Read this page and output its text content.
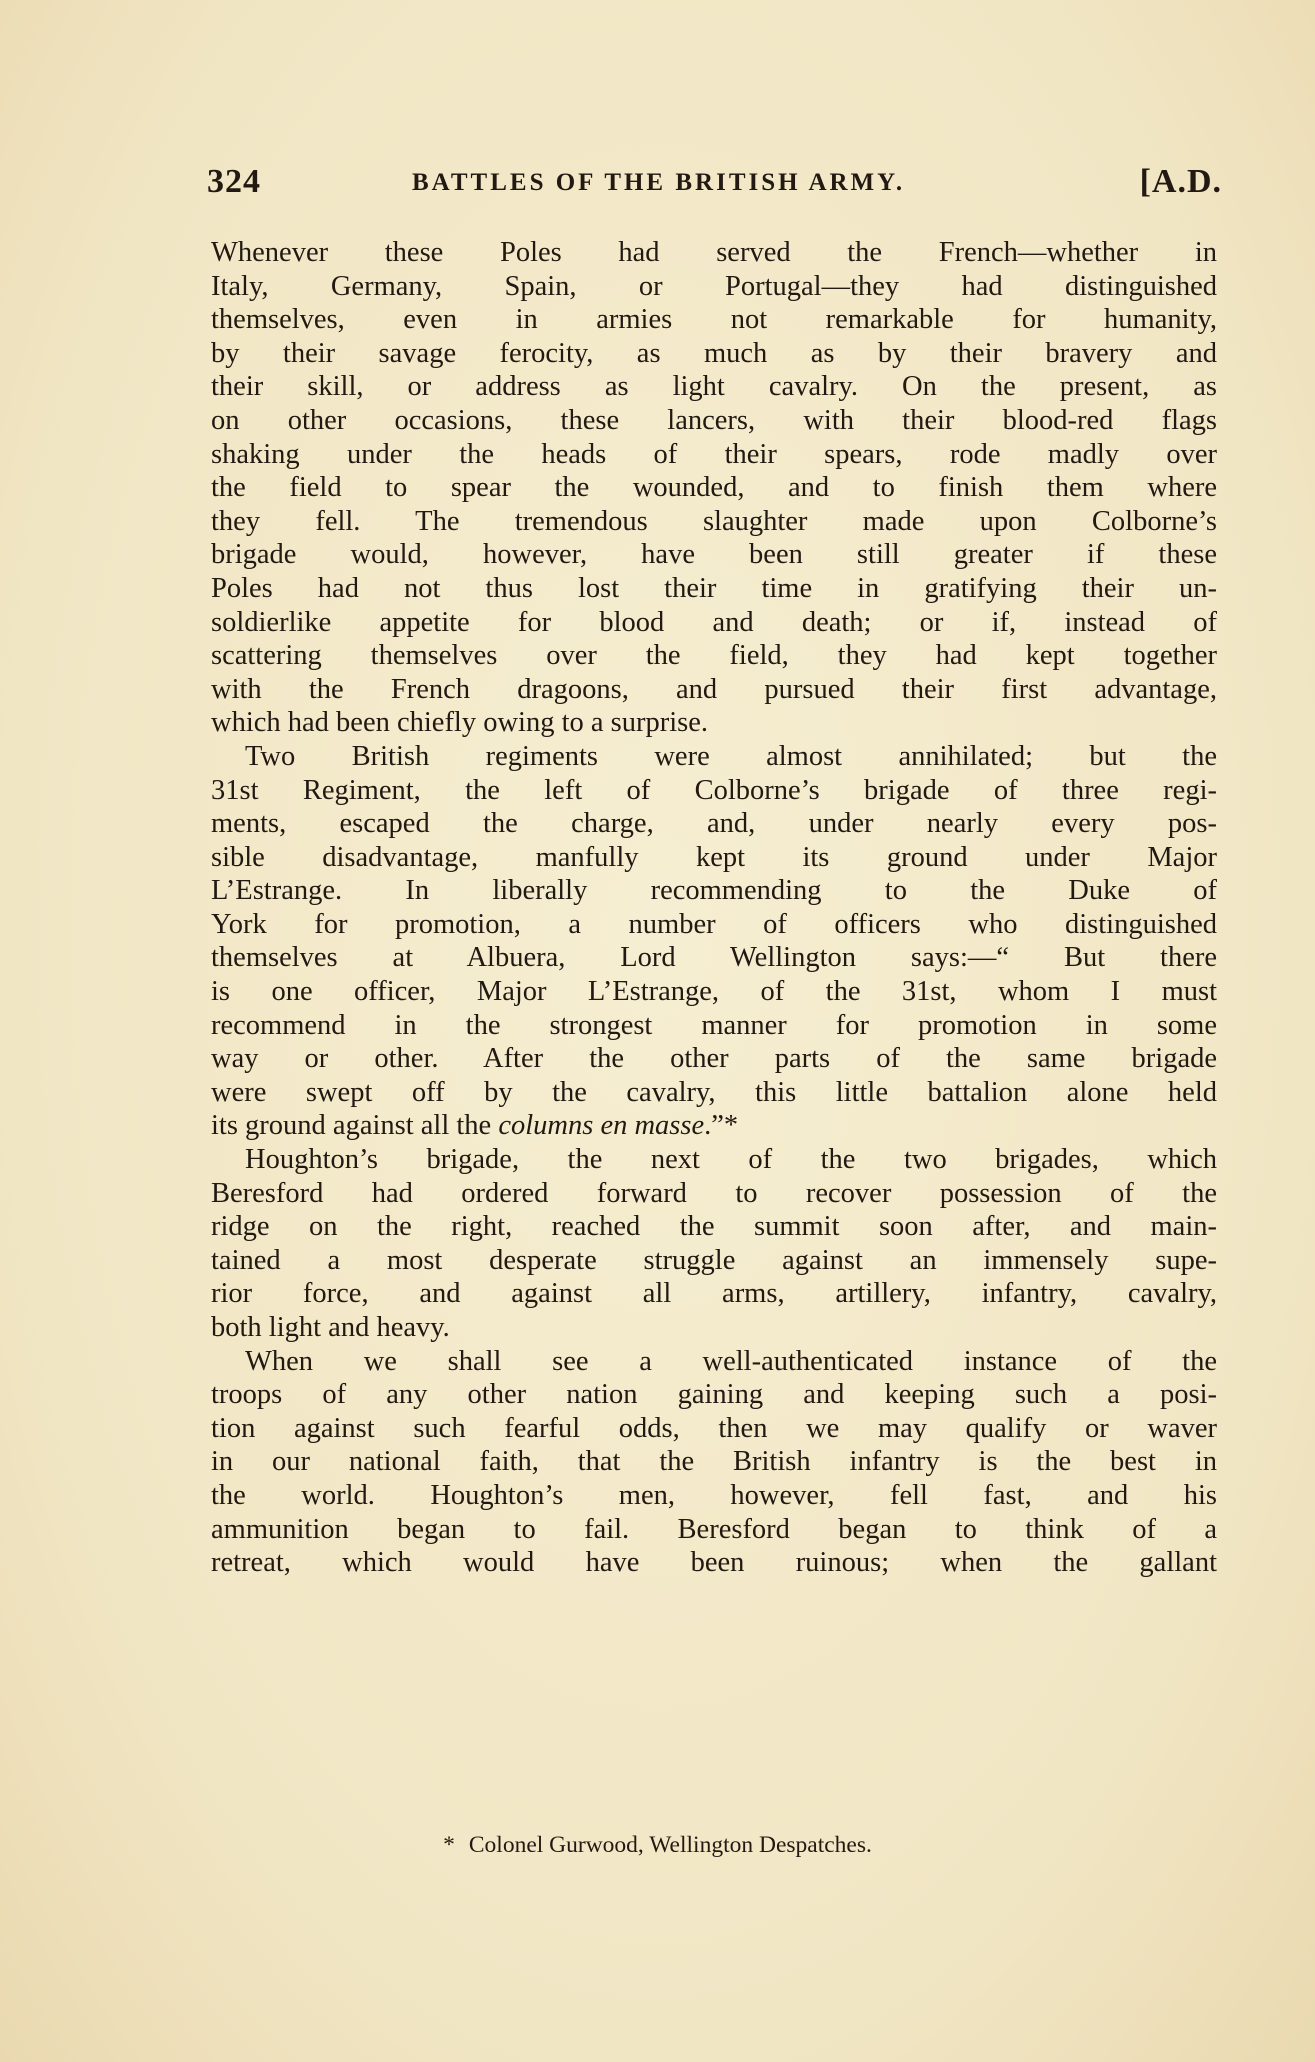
324	BATTLES OF THE BRITISH ARMY.	[A.D.
Whenever these Poles had served the French—whether in
Italy, Germany, Spain, or Portugal—they had distinguished
themselves, even in armies not remarkable for humanity,
by their savage ferocity, as much as by their bravery and
their skill, or address as light cavalry. On the present, as
on other occasions, these lancers, with their blood-red flags
shaking under the heads of their spears, rode madly over
the field to spear the wounded, and to finish them where
they fell. The tremendous slaughter made upon Colborne’s
brigade would, however, have been still greater if these
Poles had not thus lost their time in gratifying their un-
soldierlike appetite for blood and death; or if, instead of
scattering themselves over the field, they had kept together
with the French dragoons, and pursued their first advantage,
which had been chiefly owing to a surprise.
Two British regiments were almost annihilated; but the
31st Regiment, the left of Colborne’s brigade of three regi-
ments, escaped the charge, and, under nearly every pos-
sible disadvantage, manfully kept its ground under Major
L’Estrange. In liberally recommending to the Duke of
York for promotion, a number of officers who distinguished
themselves at Albuera, Lord Wellington says:—“ But there
is one officer, Major L’Estrange, of the 31st, whom I must
recommend in the strongest manner for promotion in some
way or other. After the other parts of the same brigade
were swept off by the cavalry, this little battalion alone held
its ground against all the columns en masse.”*
Houghton’s brigade, the next of the two brigades, which
Beresford had ordered forward to recover possession of the
ridge on the right, reached the summit soon after, and main-
tained a most desperate struggle against an immensely supe-
rior force, and against all arms, artillery, infantry, cavalry,
both light and heavy.
When we shall see a well-authenticated instance of the
troops of any other nation gaining and keeping such a posi-
tion against such fearful odds, then we may qualify or waver
in our national faith, that the British infantry is the best in
the world. Houghton’s men, however, fell fast, and his
ammunition began to fail. Beresford began to think of a
retreat, which would have been ruinous; when the gallant
* Colonel Gurwood, Wellington Despatches.
